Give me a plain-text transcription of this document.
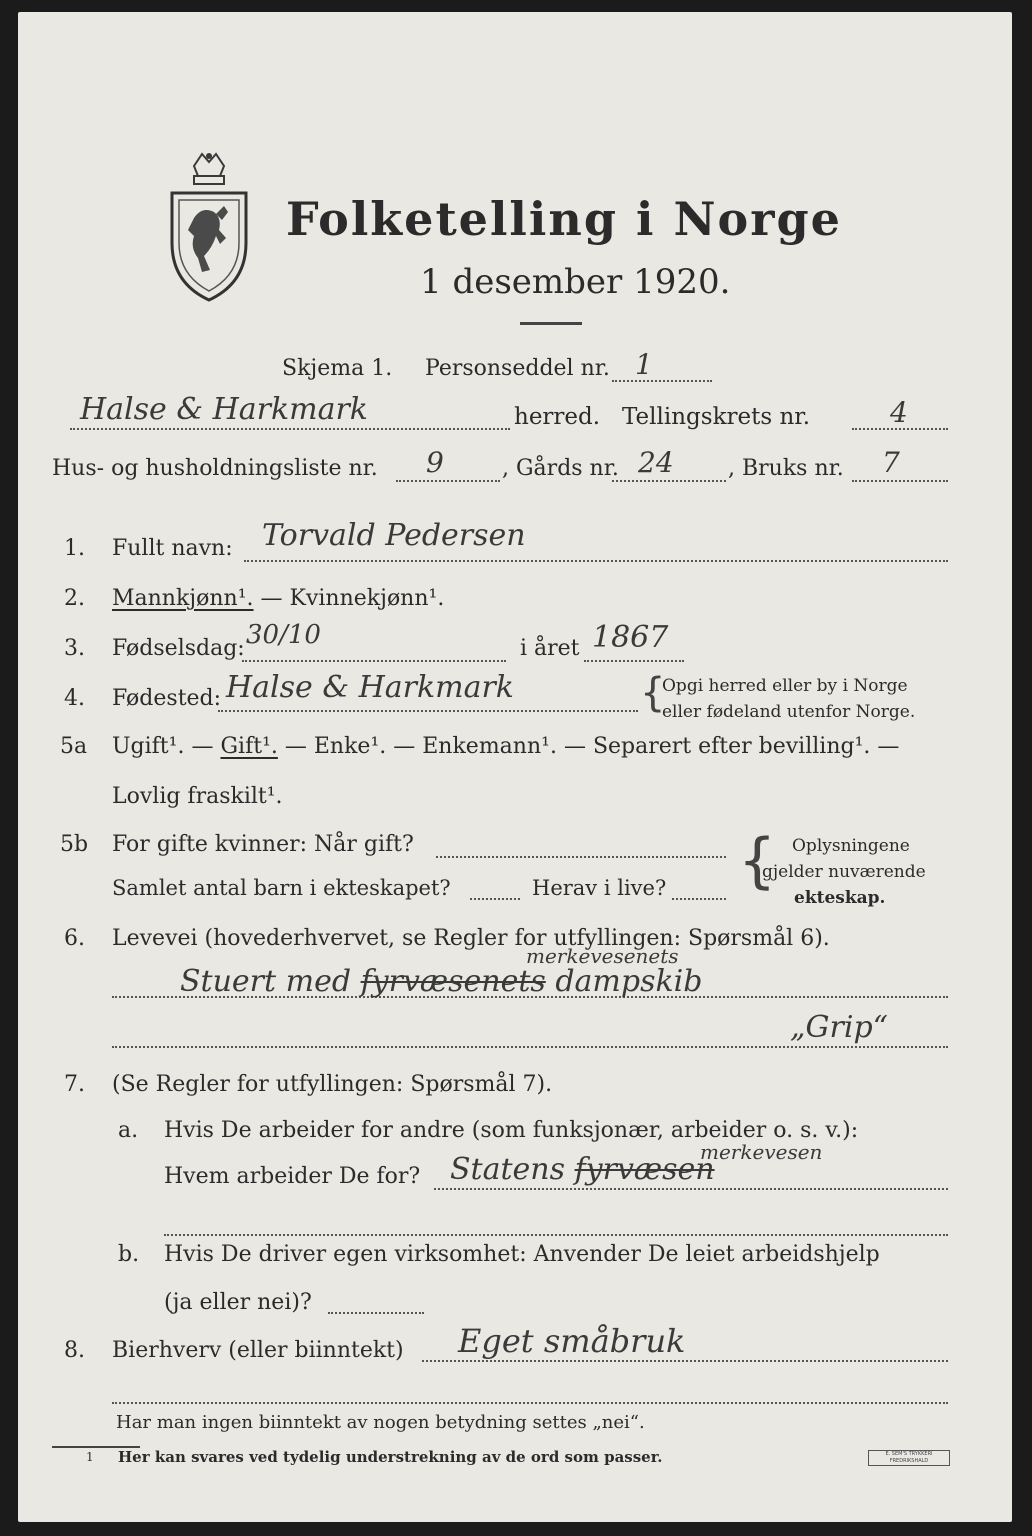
Folketelling i Norge
1 desember 1920.
Skjema 1. Personseddel nr. 1
Halse & Harkmark	herred. Tellingskrets nr.	4
Hus- og husholdningsliste nr. 9	, Gårds nr. 24 , Bruks nr. 7
1. Fullt navn: Torvald Pedersen
2. Mannkjønn¹. — Kvinnekjønn¹.
3. Fødselsdag: 30/10	i året 1867
4. Fødested: Halse & Harkmark	{
Opgi herred eller by i Norge
eller fødeland utenfor Norge.
5a Ugift¹. — Gift¹. — Enke¹. — Enkemann¹. — Separert efter bevilling¹. —
Lovlig fraskilt¹.
5b For gifte kvinner: Når gift?
Samlet antal barn i ekteskapet?	Herav i live? { Oplysningene
gjelder nuværende
ekteskap.
6. Levevei (hovederhvervet, se Regler for utfyllingen: Spørsmål 6).
Stuert med fyrvæsenets dampskib
merkevesenets
„Grip“
7. (Se Regler for utfyllingen: Spørsmål 7).
a. Hvis De arbeider for andre (som funksjonær, arbeider o. s. v.):
Hvem arbeider De for? Statens fyrvæsen
merkevesen
b. Hvis De driver egen virksomhet: Anvender De leiet arbeidshjelp
(ja eller nei)?
8. Bierhverv (eller biinntekt) Eget småbruk
Har man ingen biinntekt av nogen betydning settes „nei“.
1 Her kan svares ved tydelig understrekning av de ord som passer.	E. SEM'S TRYKKERI FREDRIKSHALD
